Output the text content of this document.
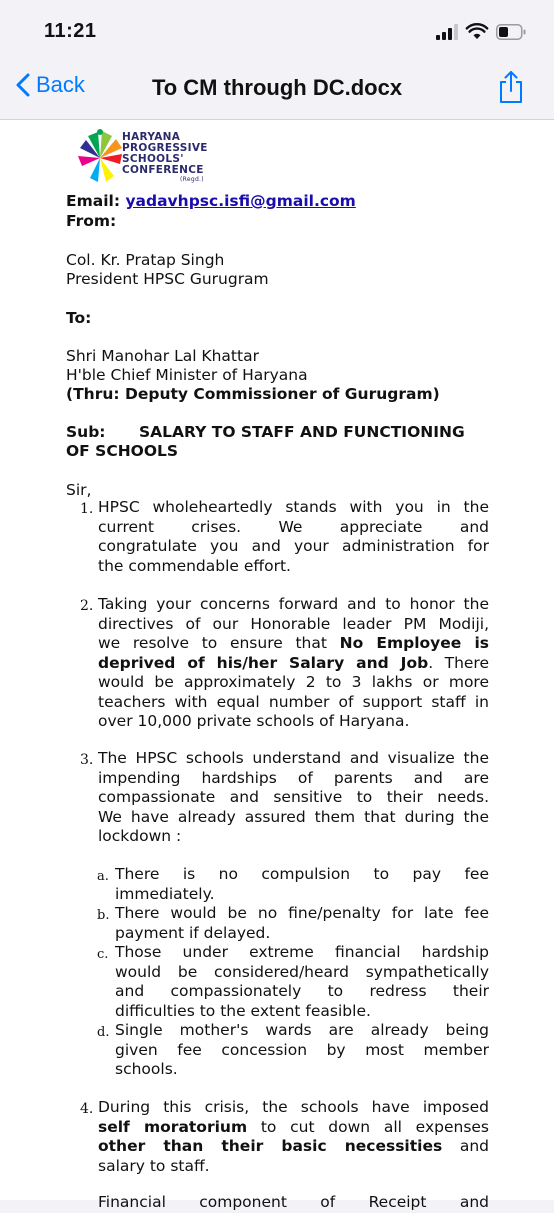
11:21
Back	To CM through DC.docx
HARYANA
PROGRESSIVE
SCHOOLS'
CONFERENCE
(Regd.)
Email: yadavhpsc.isfi@gmail.com
From:
Col. Kr. Pratap Singh
President HPSC Gurugram
To:
Shri Manohar Lal Khattar
H'ble Chief Minister of Haryana
(Thru: Deputy Commissioner of Gurugram)
Sub: SALARY TO STAFF AND FUNCTIONING
OF SCHOOLS
Sir,
1. HPSC wholeheartedly stands with you in the
current crises. We appreciate and
congratulate you and your administration for
the commendable effort.
2. Taking your concerns forward and to honor the
directives of our Honorable leader PM Modiji,
we resolve to ensure that No Employee is
deprived of his/her Salary and Job. There
would be approximately 2 to 3 lakhs or more
teachers with equal number of support staff in
over 10,000 private schools of Haryana.
3. The HPSC schools understand and visualize the
impending hardships of parents and are
compassionate and sensitive to their needs.
We have already assured them that during the
lockdown :
a. There is no compulsion to pay fee
immediately.
b. There would be no fine/penalty for late fee
payment if delayed.
c. Those under extreme financial hardship
would be considered/heard sympathetically
and compassionately to redress their
difficulties to the extent feasible.
d. Single mother's wards are already being
given fee concession by most member
schools.
4. During this crisis, the schools have imposed
self moratorium to cut down all expenses
other than their basic necessities and
salary to staff.
Financial component of Receipt and
